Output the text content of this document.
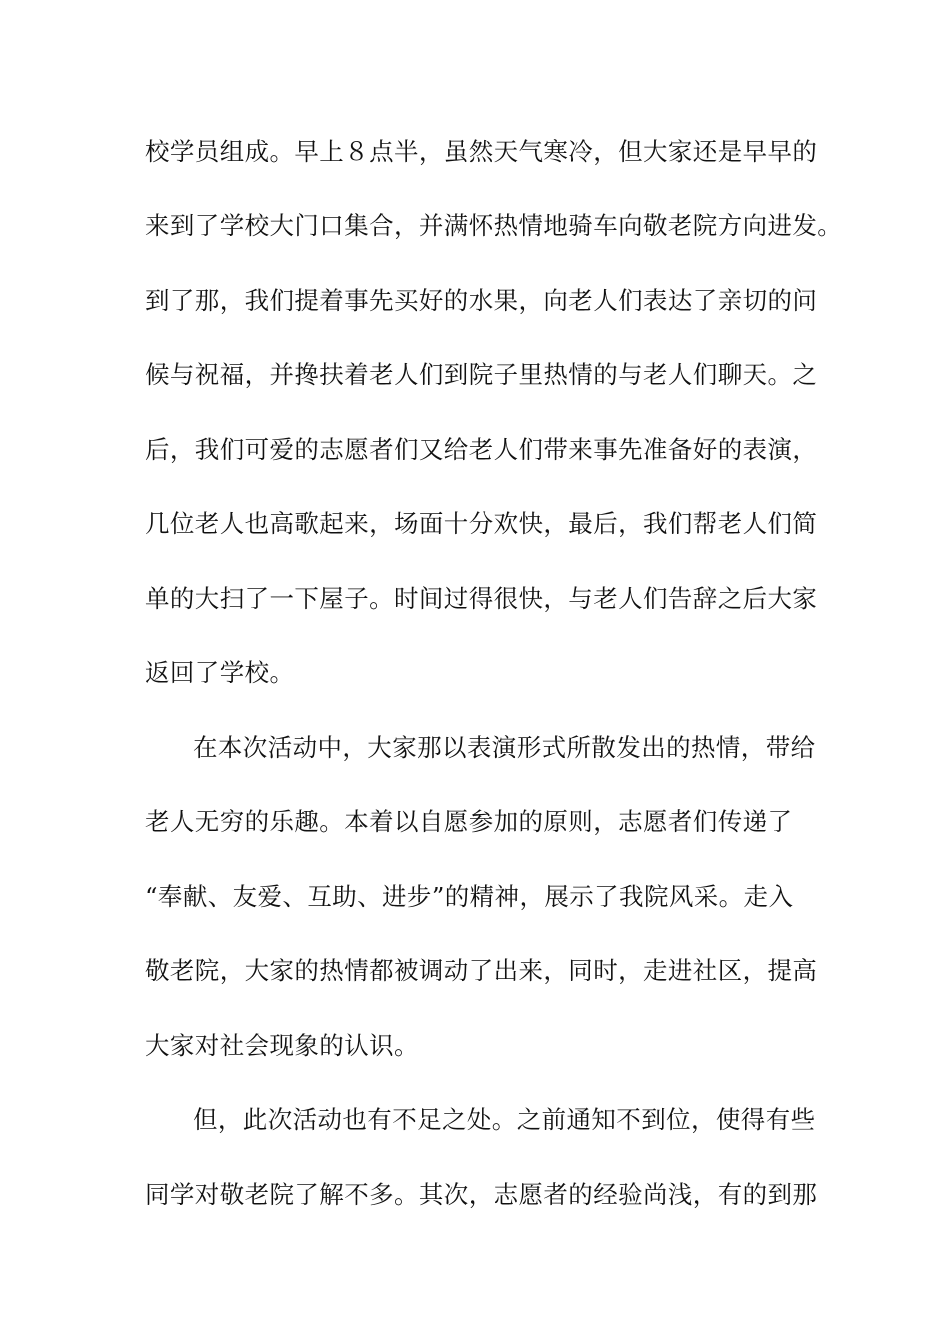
校学员组成。早上８点半，虽然天气寒冷，但大家还是早早的
来到了学校大门口集合，并满怀热情地骑车向敬老院方向进发。
到了那，我们提着事先买好的水果，向老人们表达了亲切的问
候与祝福，并搀扶着老人们到院子里热情的与老人们聊天。之
后，我们可爱的志愿者们又给老人们带来事先准备好的表演，
几位老人也高歌起来，场面十分欢快，最后，我们帮老人们简
单的大扫了一下屋子。时间过得很快，与老人们告辞之后大家
返回了学校。
在本次活动中，大家那以表演形式所散发出的热情，带给
老人无穷的乐趣。本着以自愿参加的原则，志愿者们传递了
“奉献、友爱、互助、进步”的精神，展示了我院风采。走入
敬老院，大家的热情都被调动了出来，同时，走进社区，提高
大家对社会现象的认识。
但，此次活动也有不足之处。之前通知不到位，使得有些
同学对敬老院了解不多。其次，志愿者的经验尚浅，有的到那
